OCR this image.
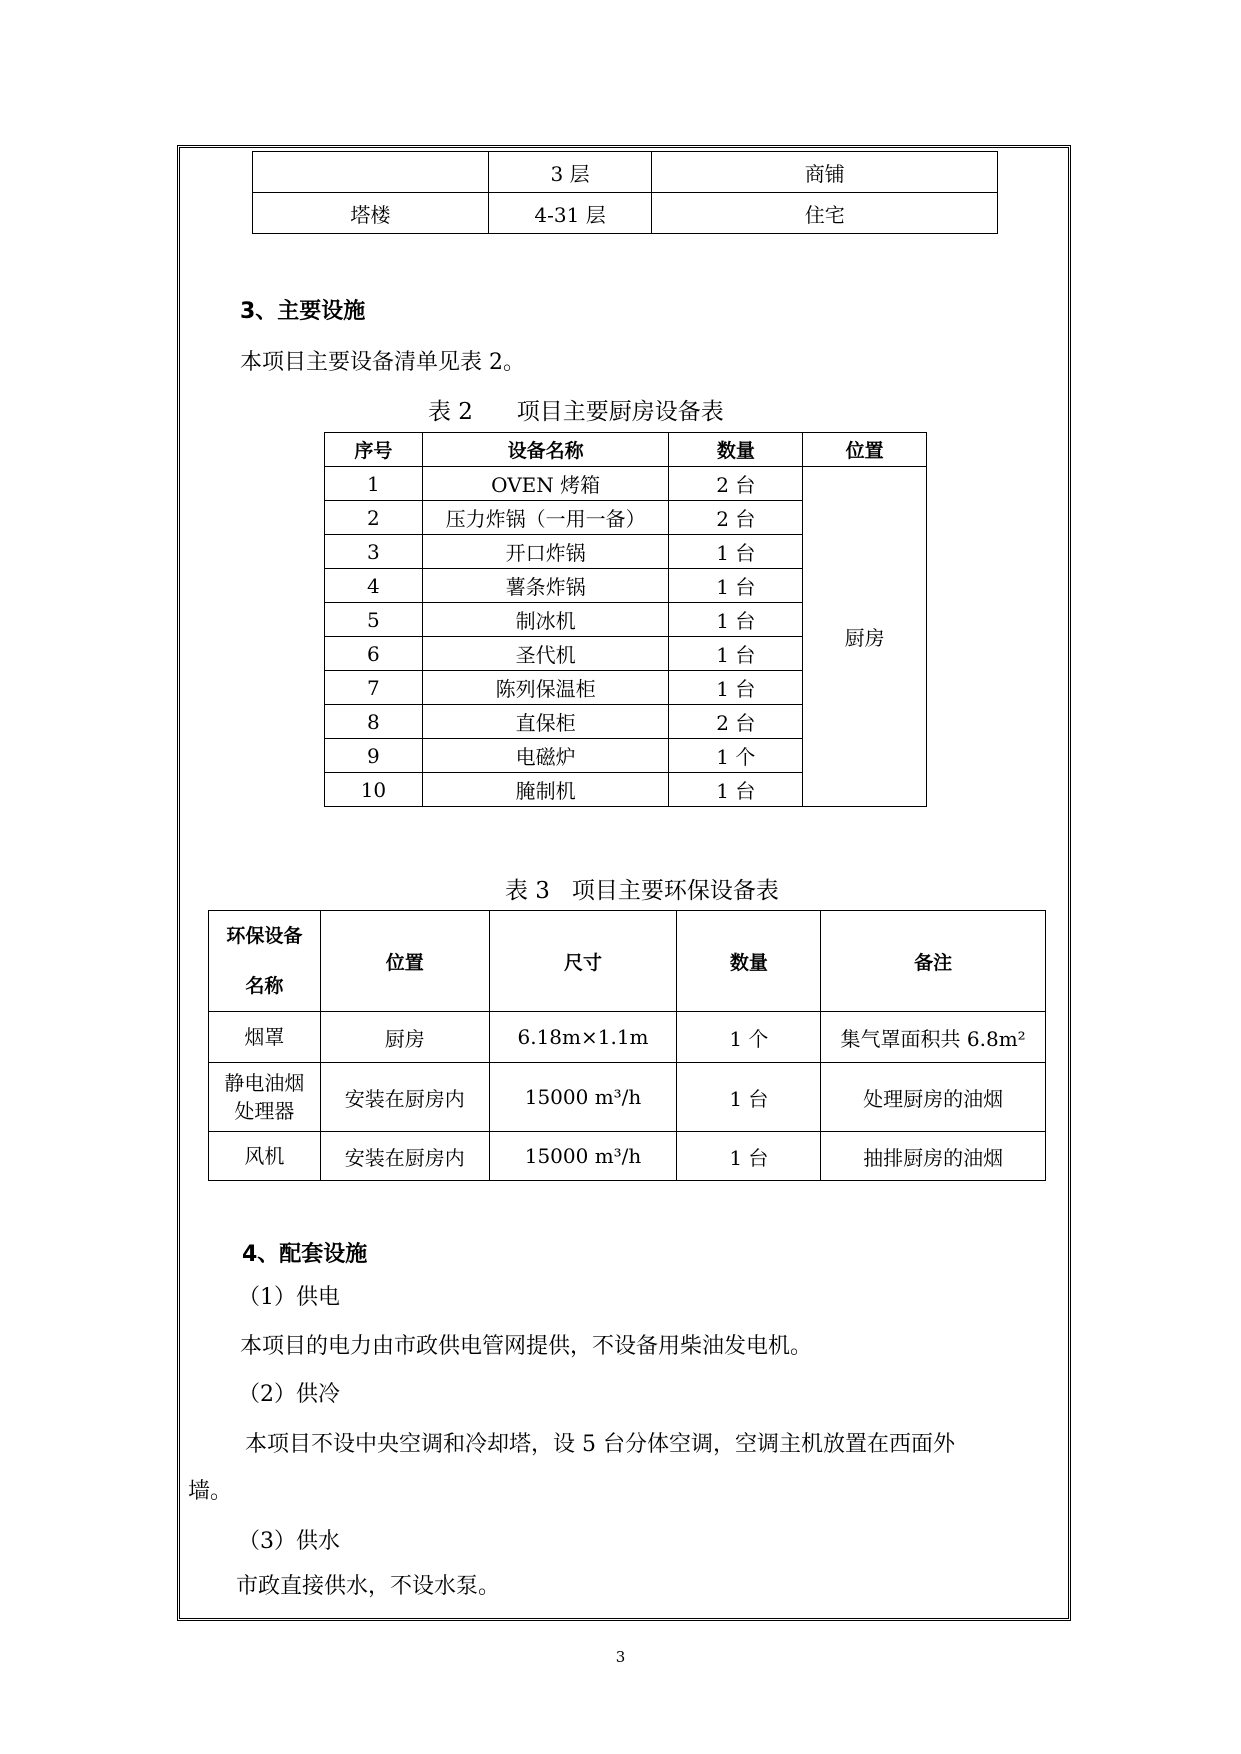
	3 层	商铺
塔楼	4-31 层	住宅
3、主要设施
本项目主要设备清单见表 2。
表 2      项目主要厨房设备表
序号	设备名称	数量	位置
1	OVEN 烤箱	2 台	厨房
2	压力炸锅（一用一备）	2 台	
3	开口炸锅	1 台	
4	薯条炸锅	1 台	
5	制冰机	1 台	
6	圣代机	1 台	
7	陈列保温柜	1 台	
8	直保柜	2 台	
9	电磁炉	1 个	
10	腌制机	1 台	
表 3   项目主要环保设备表
环保设备
名称	位置	尺寸	数量	备注

烟罩	厨房	6.18m×1.1m	1 个	集气罩面积共 6.8m²

静电油烟
处理器	安装在厨房内	15000 m³/h	1 台	处理厨房的油烟

风机	安装在厨房内	15000 m³/h	1 台	抽排厨房的油烟
4、配套设施
（1）供电
本项目的电力由市政供电管网提供，不设备用柴油发电机。
（2）供冷
本项目不设中央空调和冷却塔，设 5 台分体空调，空调主机放置在西面外
墙。
（3）供水
市政直接供水，不设水泵。
3
